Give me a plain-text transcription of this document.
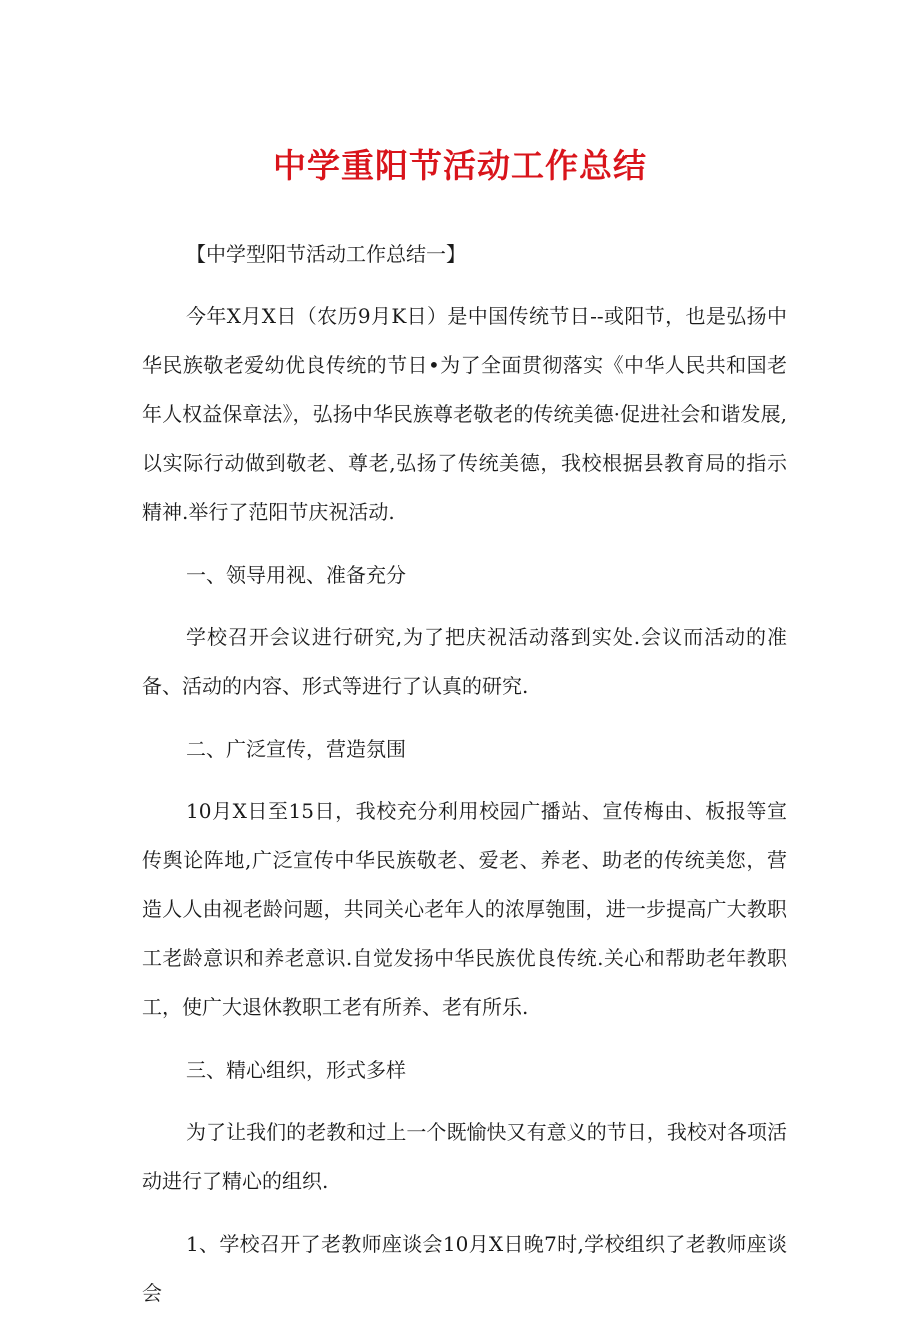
中学重阳节活动工作总结

【中学型阳节活动工作总结一】

今年X月X日（农历9月K日）是中国传统节日--或阳节，也是弘扬中华民族敬老爱幼优良传统的节日•为了全面贯彻落实《中华人民共和国老年人权益保章法》，弘扬中华民族尊老敬老的传统美德·促进社会和谐发展,以实际行动做到敬老、尊老,弘扬了传统美德，我校根据县教育局的指示精神.举行了范阳节庆祝活动.

一、领导用视、准备充分

学校召开会议进行研究,为了把庆祝活动落到实处.会议而活动的准备、活动的内容、形式等进行了认真的研究.

二、广泛宣传，营造氛围

10月X日至15日，我校充分利用校园广播站、宣传梅由、板报等宣传舆论阵地,广泛宣传中华民族敬老、爱老、养老、助老的传统美您，营造人人由视老龄问题，共同关心老年人的浓厚匏围，进一步提高广大教职工老龄意识和养老意识.自觉发扬中华民族优良传统.关心和帮助老年教职工，使广大退休教职工老有所养、老有所乐.

三、精心组织，形式多样

为了让我们的老教和过上一个既愉快又有意义的节日，我校对各项活动进行了精心的组织.

1、学校召开了老教师座谈会10月X日晚7时,学校组织了老教师座谈会
